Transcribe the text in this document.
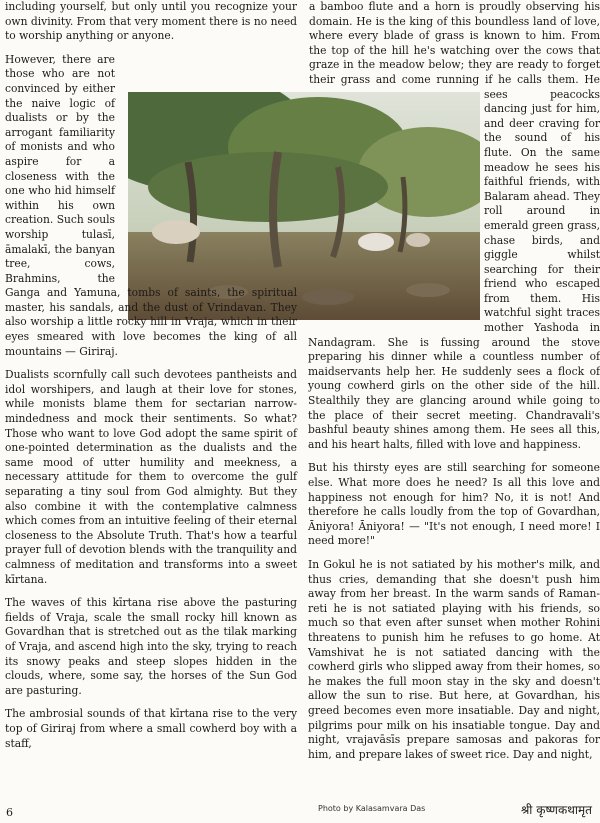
including yourself, but only until you recognize your own divinity. From that very moment there is no need to worship anything or anyone.

However, there are those who are not convinced by either the naive logic of dualists or by the arrogant familiarity of monists and who aspire for a closeness with the one who hid himself within his own creation. Such souls worship tulasī, āmalakī, the banyan tree, cows, Brahmins, the Ganga and Yamuna, tombs of saints, the spiritual master, his sandals, and the dust of Vrindavan. They also worship a little rocky hill in Vraja, which in their eyes smeared with love becomes the king of all mountains — Giriraj.

Dualists scornfully call such devotees pantheists and idol worshipers, and laugh at their love for stones, while monists blame them for sectarian narrow-mindedness and mock their sentiments. So what? Those who want to love God adopt the same spirit of one-pointed determination as the dualists and the same mood of utter humility and meekness, a necessary attitude for them to overcome the gulf separating a tiny soul from God almighty. But they also combine it with the contemplative calmness which comes from an intuitive feeling of their eternal closeness to the Absolute Truth. That's how a tearful prayer full of devotion blends with the tranquility and calmness of meditation and transforms into a sweet kīrtana.

The waves of this kīrtana rise above the pasturing fields of Vraja, scale the small rocky hill known as Govardhan that is stretched out as the tilak marking of Vraja, and ascend high into the sky, trying to reach its snowy peaks and steep slopes hidden in the clouds, where, some say, the horses of the Sun God are pasturing.

The ambrosial sounds of that kīrtana rise to the very top of Giriraj from where a small cowherd boy with a staff,

a bamboo flute and a horn is proudly observing his domain. He is the king of this boundless land of love, where every blade of grass is known to him. From the top of the hill he's watching over the cows that graze in the meadow below; they are ready to forget their grass and come running if he calls them. He sees peacocks dancing just for him, and deer craving for the sound of his flute. On the same meadow he sees his faithful friends, with Balaram ahead. They roll around in emerald green grass, chase birds, and giggle whilst searching for their friend who escaped from them. His watchful sight traces mother Yashoda in Nandagram. She is fussing around the stove preparing his dinner while a countless number of maidservants help her. He suddenly sees a flock of young cowherd girls on the other side of the hill. Stealthily they are glancing around while going to the place of their secret meeting. Chandravali's bashful beauty shines among them. He sees all this, and his heart halts, filled with love and happiness.

But his thirsty eyes are still searching for someone else. What more does he need? Is all this love and happiness not enough for him? No, it is not! And therefore he calls loudly from the top of Govardhan, Āniyora! Āniyora! — "It's not enough, I need more! I need more!"

In Gokul he is not satiated by his mother's milk, and thus cries, demanding that she doesn't push him away from her breast. In the warm sands of Raman-reti he is not satiated playing with his friends, so much so that even after sunset when mother Rohini threatens to punish him he refuses to go home. At Vamshivat he is not satiated dancing with the cowherd girls who slipped away from their homes, so he makes the full moon stay in the sky and doesn't allow the sun to rise. But here, at Govardhan, his greed becomes even more insatiable. Day and night, pilgrims pour milk on his insatiable tongue. Day and night, vrajavāsīs prepare samosas and pakoras for him, and prepare lakes of sweet rice. Day and night,

6	Photo by Kalasamvara Das	श्री कृष्णकथामृत
